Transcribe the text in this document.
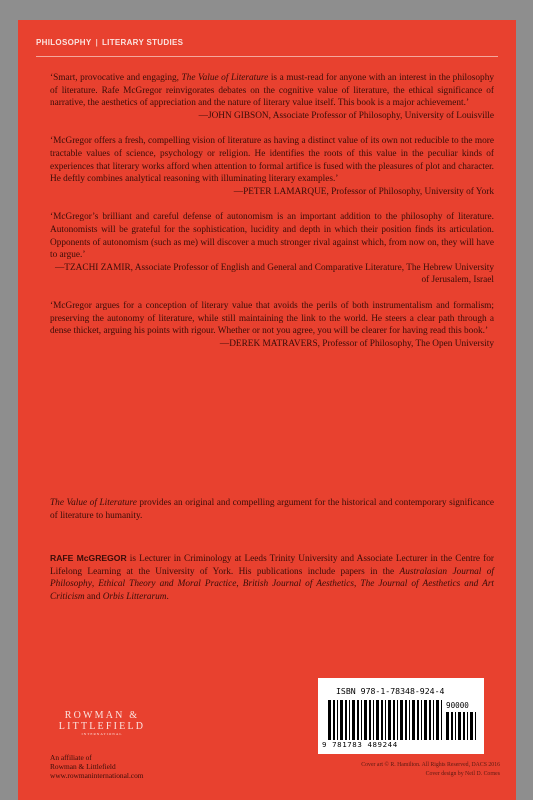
PHILOSOPHY | LITERARY STUDIES

‘Smart, provocative and engaging, The Value of Literature is a must-read for anyone with an interest in the philosophy of literature. Rafe McGregor reinvigorates debates on the cognitive value of literature, the ethical significance of narrative, the aesthetics of appreciation and the nature of literary value itself. This book is a major achievement.’
—JOHN GIBSON, Associate Professor of Philosophy, University of Louisville

‘McGregor offers a fresh, compelling vision of literature as having a distinct value of its own not reducible to the more tractable values of science, psychology or religion. He identifies the roots of this value in the peculiar kinds of experiences that literary works afford when attention to formal artifice is fused with the pleasures of plot and character. He deftly combines analytical reasoning with illuminating literary examples.’
—PETER LAMARQUE, Professor of Philosophy, University of York

‘McGregor’s brilliant and careful defense of autonomism is an important addition to the philosophy of literature. Autonomists will be grateful for the sophistication, lucidity and depth in which their position finds its articulation. Opponents of autonomism (such as me) will discover a much stronger rival against which, from now on, they will have to argue.’
—TZACHI ZAMIR, Associate Professor of English and General and Comparative Literature, The Hebrew University of Jerusalem, Israel

‘McGregor argues for a conception of literary value that avoids the perils of both instrumentalism and formalism; preserving the autonomy of literature, while still maintaining the link to the world. He steers a clear path through a dense thicket, arguing his points with rigour. Whether or not you agree, you will be clearer for having read this book.’
—DEREK MATRAVERS, Professor of Philosophy, The Open University

The Value of Literature provides an original and compelling argument for the historical and contemporary significance of literature to humanity.
RAFE McGREGOR is Lecturer in Criminology at Leeds Trinity University and Associate Lecturer in the Centre for Lifelong Learning at the University of York. His publications include papers in the Australasian Journal of Philosophy, Ethical Theory and Moral Practice, British Journal of Aesthetics, The Journal of Aesthetics and Art Criticism and Orbis Litterarum.
ROWMAN &
LITTLEFIELD
INTERNATIONAL
An affiliate of
Rowman & Littlefield
www.rowmaninternational.com
ISBN 978-1-78348-924-4
90000
9 781783 489244
Cover art © R. Hamilton. All Rights Reserved, DACS 2016
Cover design by Neil D. Cornes
